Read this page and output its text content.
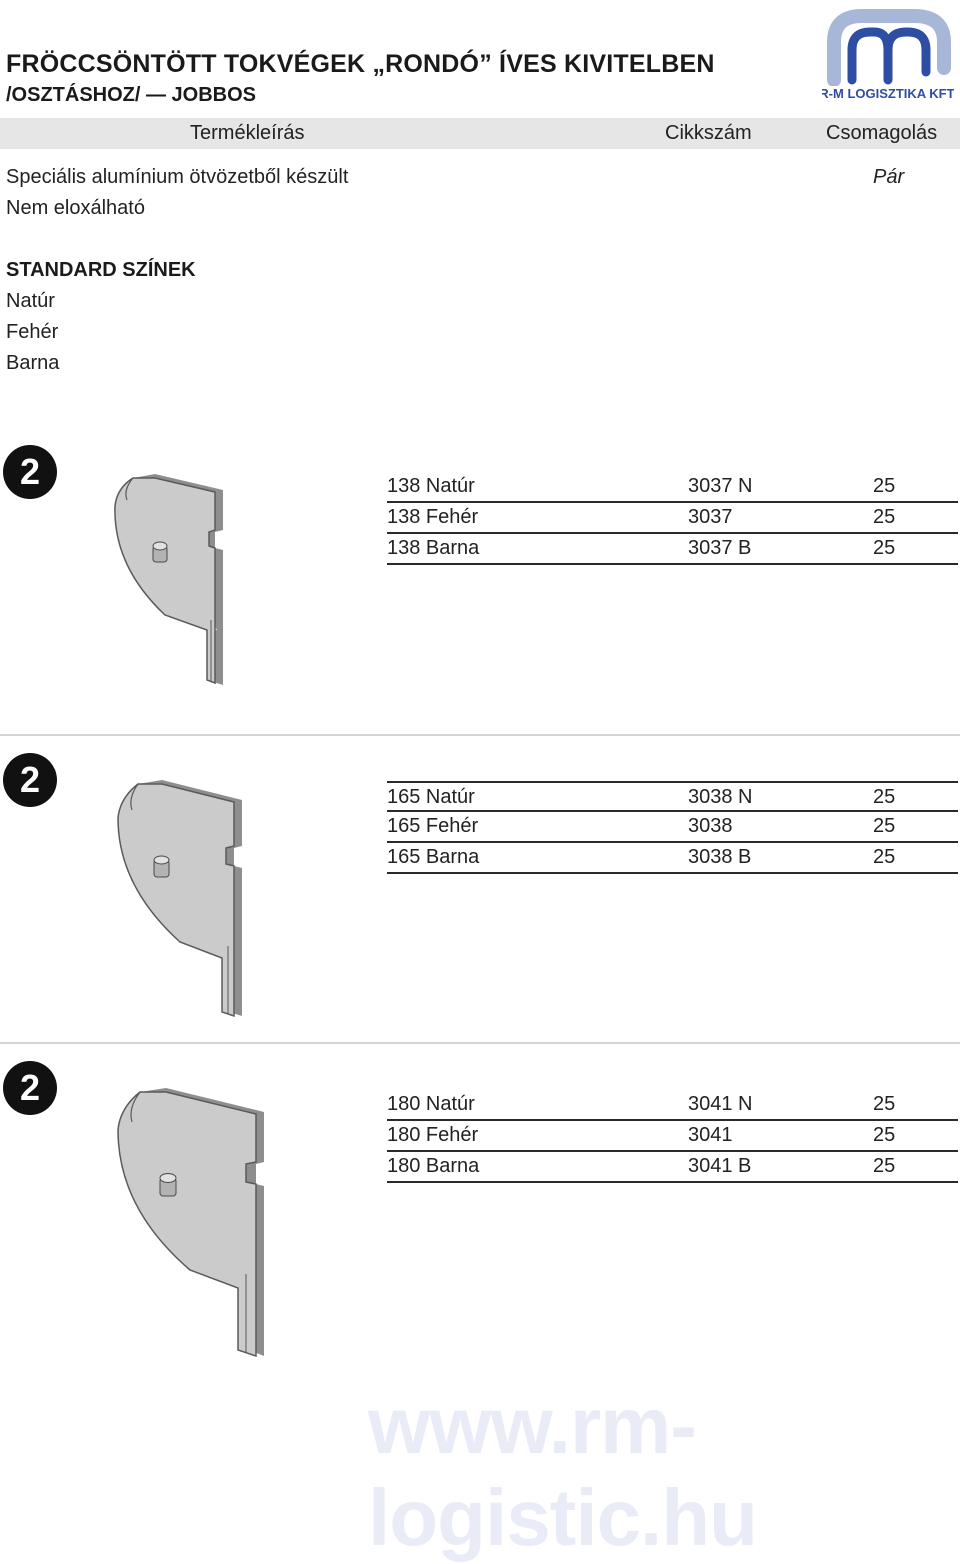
FRÖCCSÖNTÖTT TOKVÉGEK „RONDÓ” ÍVES KIVITELBEN
/OSZTÁSHOZ/ — JOBBOS	R-M LOGISZTIKA KFT.
Termékleírás	Cikkszám	Csomagolás
Speciális alumínium ötvözetből készült
Nem eloxálható
Pár
STANDARD SZÍNEK
Natúr
Fehér
Barna
2	138 Natúr	3037 N	25
138 Fehér	3037	25
138 Barna	3037 B	25
2	165 Natúr	3038 N	25
165 Fehér	3038	25
165 Barna	3038 B	25
2	180 Natúr	3041 N	25
180 Fehér	3041	25
180 Barna	3041 B	25
www.rm-logistic.hu
